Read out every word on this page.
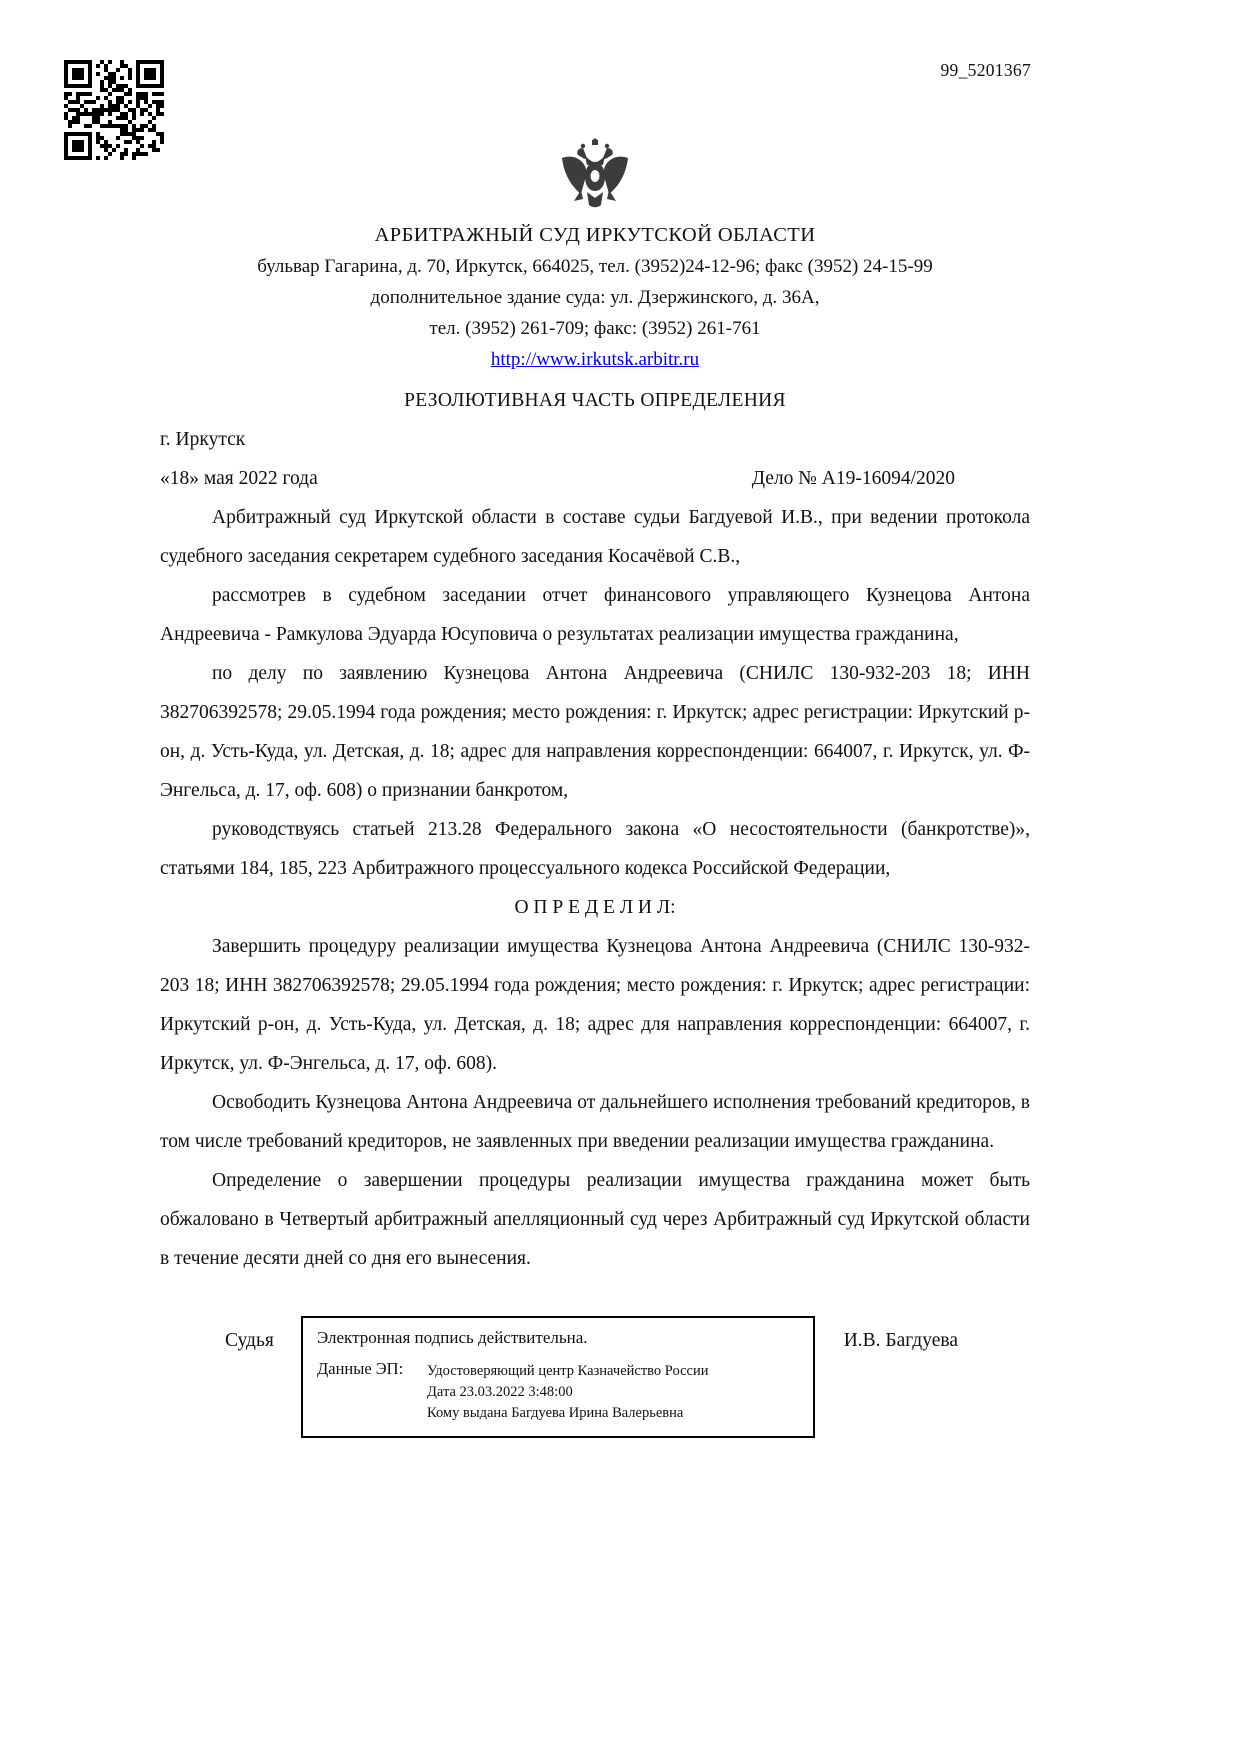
99_5201367
АРБИТРАЖНЫЙ СУД ИРКУТСКОЙ ОБЛАСТИ
бульвар Гагарина, д. 70, Иркутск, 664025, тел. (3952)24-12-96; факс (3952) 24-15-99
дополнительное здание суда: ул. Дзержинского, д. 36А,
тел. (3952) 261-709; факс: (3952) 261-761
http://www.irkutsk.arbitr.ru
РЕЗОЛЮТИВНАЯ ЧАСТЬ ОПРЕДЕЛЕНИЯ
г. Иркутск
«18» мая 2022 года	Дело № А19-16094/2020

Арбитражный суд Иркутской области в составе судьи Багдуевой И.В., при ведении протокола судебного заседания секретарем судебного заседания Косачёвой С.В.,

рассмотрев в судебном заседании отчет финансового управляющего Кузнецова Антона Андреевича - Рамкулова Эдуарда Юсуповича о результатах реализации имущества гражданина,

по делу по заявлению Кузнецова Антона Андреевича (СНИЛС 130-932-203 18; ИНН 382706392578; 29.05.1994 года рождения; место рождения: г. Иркутск; адрес регистрации: Иркутский р-он, д. Усть-Куда, ул. Детская, д. 18; адрес для направления корреспонденции: 664007, г. Иркутск, ул. Ф-Энгельса, д. 17, оф. 608) о признании банкротом,

руководствуясь статьей 213.28 Федерального закона «О несостоятельности (банкротстве)», статьями 184, 185, 223 Арбитражного процессуального кодекса Российской Федерации,

О П Р Е Д Е Л И Л:

Завершить процедуру реализации имущества Кузнецова Антона Андреевича (СНИЛС 130-932-203 18; ИНН 382706392578; 29.05.1994 года рождения; место рождения: г. Иркутск; адрес регистрации: Иркутский р-он, д. Усть-Куда, ул. Детская, д. 18; адрес для направления корреспонденции: 664007, г. Иркутск, ул. Ф-Энгельса, д. 17, оф. 608).

Освободить Кузнецова Антона Андреевича от дальнейшего исполнения требований кредиторов, в том числе требований кредиторов, не заявленных при введении реализации имущества гражданина.

Определение о завершении процедуры реализации имущества гражданина может быть обжаловано в Четвертый арбитражный апелляционный суд через Арбитражный суд Иркутской области в течение десяти дней со дня его вынесения.

Судья	Электронная подпись действительна.
Данные ЭП:	Удостоверяющий центр Казначейство России
Дата 23.03.2022 3:48:00
Кому выдана Багдуева Ирина Валерьевна
И.В. Багдуева
